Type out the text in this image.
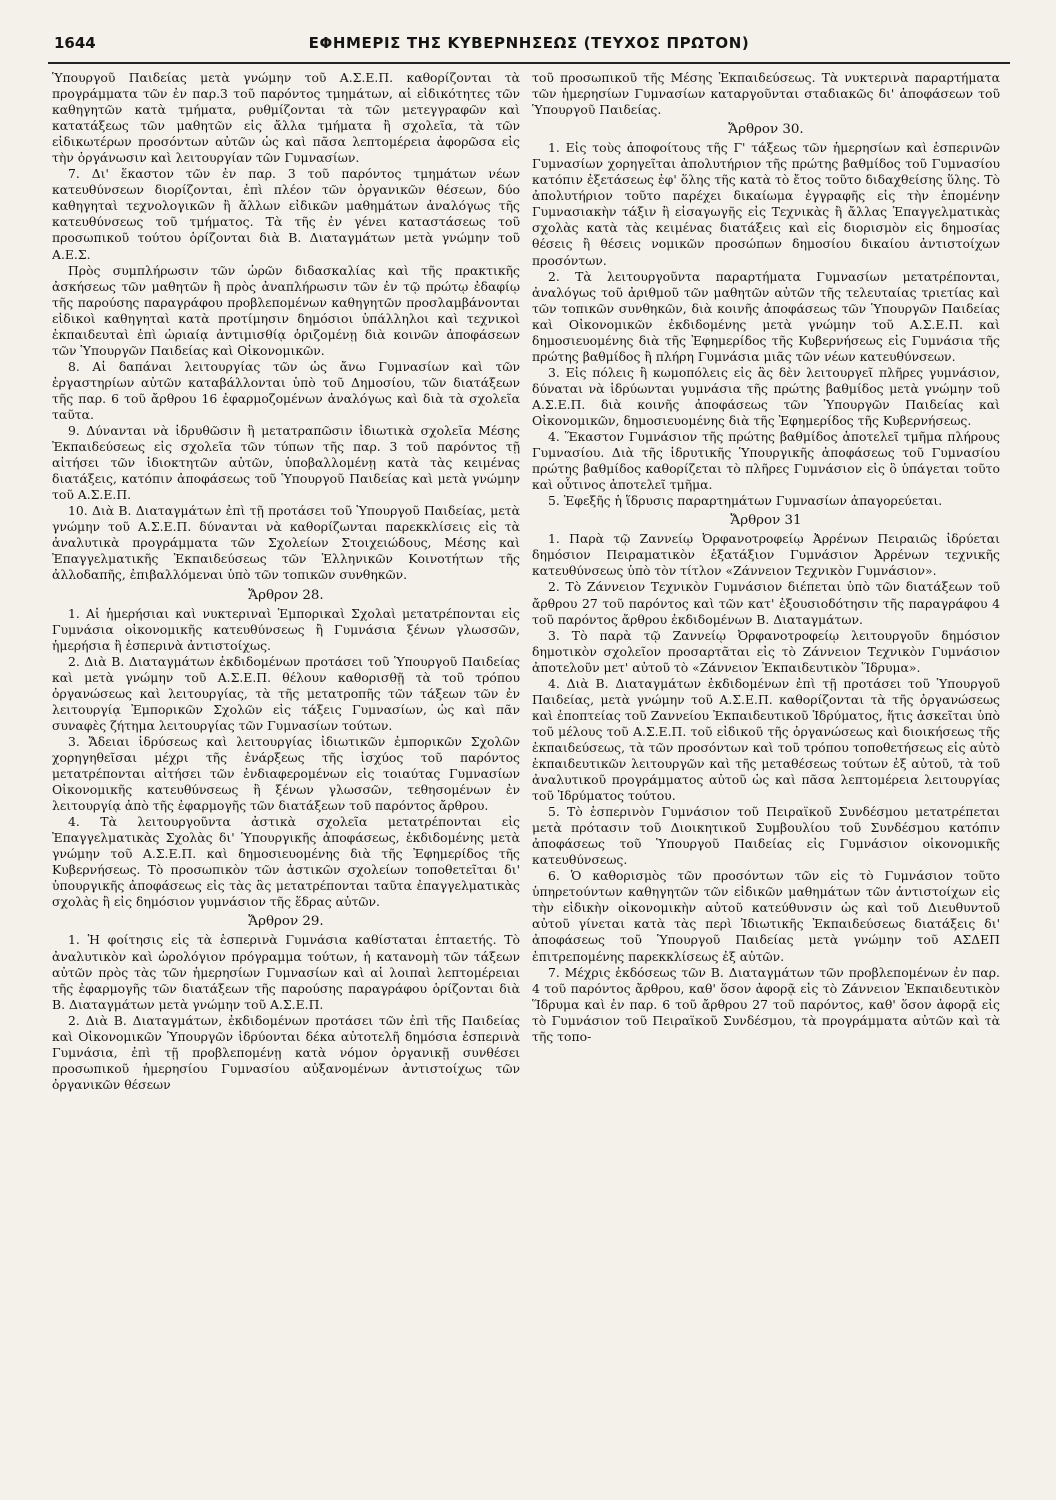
1644	ΕΦΗΜΕΡΙΣ ΤΗΣ ΚΥΒΕΡΝΗΣΕΩΣ (ΤΕΥΧΟΣ ΠΡΩΤΟΝ)

Ὑπουργοῦ Παιδείας μετὰ γνώμην τοῦ Α.Σ.Ε.Π. καθορίζονται τὰ προγράμματα τῶν ἐν παρ.3 τοῦ παρόντος τμημάτων, αἱ εἰδικότητες τῶν καθηγητῶν κατὰ τμήματα, ρυθμίζονται τὰ τῶν μετεγγραφῶν καὶ κατατάξεως τῶν μαθητῶν εἰς ἄλλα τμήματα ἢ σχολεῖα, τὰ τῶν εἰδικωτέρων προσόντων αὐτῶν ὡς καὶ πᾶσα λεπτομέρεια ἀφορῶσα εἰς τὴν ὀργάνωσιν καὶ λειτουργίαν τῶν Γυμνασίων.

7. Δι' ἕκαστον τῶν ἐν παρ. 3 τοῦ παρόντος τμημάτων νέων κατευθύνσεων διορίζονται, ἐπὶ πλέον τῶν ὀργανικῶν θέσεων, δύο καθηγηταὶ τεχνολογικῶν ἢ ἄλλων εἰδικῶν μαθημάτων ἀναλόγως τῆς κατευθύνσεως τοῦ τμήματος. Τὰ τῆς ἐν γένει καταστάσεως τοῦ προσωπικοῦ τούτου ὁρίζονται διὰ Β. Διαταγμάτων μετὰ γνώμην τοῦ Α.Ε.Σ.

Πρὸς συμπλήρωσιν τῶν ὡρῶν διδασκαλίας καὶ τῆς πρακτικῆς ἀσκήσεως τῶν μαθητῶν ἢ πρὸς ἀναπλήρωσιν τῶν ἐν τῷ πρώτῳ ἐδαφίῳ τῆς παρούσης παραγράφου προβλεπομένων καθηγητῶν προσλαμβάνονται εἰδικοὶ καθηγηταὶ κατὰ προτίμησιν δημόσιοι ὑπάλληλοι καὶ τεχνικοὶ ἐκπαιδευταὶ ἐπὶ ὡριαίᾳ ἀντιμισθίᾳ ὁριζομένῃ διὰ κοινῶν ἀποφάσεων τῶν Ὑπουργῶν Παιδείας καὶ Οἰκονομικῶν.

8. Αἱ δαπάναι λειτουργίας τῶν ὡς ἄνω Γυμνασίων καὶ τῶν ἐργαστηρίων αὐτῶν καταβάλλονται ὑπὸ τοῦ Δημοσίου, τῶν διατάξεων τῆς παρ. 6 τοῦ ἄρθρου 16 ἐφαρμοζομένων ἀναλόγως καὶ διὰ τὰ σχολεῖα ταῦτα.

9. Δύνανται νὰ ἱδρυθῶσιν ἢ μετατραπῶσιν ἰδιωτικὰ σχολεῖα Μέσης Ἐκπαιδεύσεως εἰς σχολεῖα τῶν τύπων τῆς παρ. 3 τοῦ παρόντος τῇ αἰτήσει τῶν ἰδιοκτητῶν αὐτῶν, ὑποβαλλομένῃ κατὰ τὰς κειμένας διατάξεις, κατόπιν ἀποφάσεως τοῦ Ὑπουργοῦ Παιδείας καὶ μετὰ γνώμην τοῦ Α.Σ.Ε.Π.

10. Διὰ Β. Διαταγμάτων ἐπὶ τῇ προτάσει τοῦ Ὑπουργοῦ Παιδείας, μετὰ γνώμην τοῦ Α.Σ.Ε.Π. δύνανται νὰ καθορίζωνται παρεκκλίσεις εἰς τὰ ἀναλυτικὰ προγράμματα τῶν Σχολείων Στοιχειώδους, Μέσης καὶ Ἐπαγγελματικῆς Ἐκπαιδεύσεως τῶν Ἑλληνικῶν Κοινοτήτων τῆς ἀλλοδαπῆς, ἐπιβαλλόμεναι ὑπὸ τῶν τοπικῶν συνθηκῶν.

Ἄρθρον 28.

1. Αἱ ἡμερήσιαι καὶ νυκτεριναὶ Ἐμπορικαὶ Σχολαὶ μετατρέπονται εἰς Γυμνάσια οἰκονομικῆς κατευθύνσεως ἢ Γυμνάσια ξένων γλωσσῶν, ἡμερήσια ἢ ἑσπερινὰ ἀντιστοίχως.

2. Διὰ Β. Διαταγμάτων ἐκδιδομένων προτάσει τοῦ Ὑπουργοῦ Παιδείας καὶ μετὰ γνώμην τοῦ Α.Σ.Ε.Π. θέλουν καθορισθῇ τὰ τοῦ τρόπου ὀργανώσεως καὶ λειτουργίας, τὰ τῆς μετατροπῆς τῶν τάξεων τῶν ἐν λειτουργίᾳ Ἐμπορικῶν Σχολῶν εἰς τάξεις Γυμνασίων, ὡς καὶ πᾶν συναφὲς ζήτημα λειτουργίας τῶν Γυμνασίων τούτων.

3. Ἄδειαι ἱδρύσεως καὶ λειτουργίας ἰδιωτικῶν ἐμπορικῶν Σχολῶν χορηγηθεῖσαι μέχρι τῆς ἐνάρξεως τῆς ἰσχύος τοῦ παρόντος μετατρέπονται αἰτήσει τῶν ἐνδιαφερομένων εἰς τοιαύτας Γυμνασίων Οἰκονομικῆς κατευθύνσεως ἢ ξένων γλωσσῶν, τεθησομένων ἐν λειτουργίᾳ ἀπὸ τῆς ἐφαρμογῆς τῶν διατάξεων τοῦ παρόντος ἄρθρου.

4. Τὰ λειτουργοῦντα ἀστικὰ σχολεῖα μετατρέπονται εἰς Ἐπαγγελματικὰς Σχολὰς δι' Ὑπουργικῆς ἀποφάσεως, ἐκδιδομένης μετὰ γνώμην τοῦ Α.Σ.Ε.Π. καὶ δημοσιευομένης διὰ τῆς Ἐφημερίδος τῆς Κυβερνήσεως. Τὸ προσωπικὸν τῶν ἀστικῶν σχολείων τοποθετεῖται δι' ὑπουργικῆς ἀποφάσεως εἰς τὰς ἃς μετατρέπονται ταῦτα ἐπαγγελματικὰς σχολὰς ἢ εἰς δημόσιον γυμνάσιον τῆς ἕδρας αὐτῶν.

Ἄρθρον 29.

1. Ἡ φοίτησις εἰς τὰ ἑσπερινὰ Γυμνάσια καθίσταται ἑπταετής. Τὸ ἀναλυτικὸν καὶ ὡρολόγιον πρόγραμμα τούτων, ἡ κατανομὴ τῶν τάξεων αὐτῶν πρὸς τὰς τῶν ἡμερησίων Γυμνασίων καὶ αἱ λοιπαὶ λεπτομέρειαι τῆς ἐφαρμογῆς τῶν διατάξεων τῆς παρούσης παραγράφου ὁρίζονται διὰ Β. Διαταγμάτων μετὰ γνώμην τοῦ Α.Σ.Ε.Π.

2. Διὰ Β. Διαταγμάτων, ἐκδιδομένων προτάσει τῶν ἐπὶ τῆς Παιδείας καὶ Οἰκονομικῶν Ὑπουργῶν ἱδρύονται δέκα αὐτοτελῆ δημόσια ἑσπερινὰ Γυμνάσια, ἐπὶ τῇ προβλεπομένῃ κατὰ νόμον ὀργανικῇ συνθέσει προσωπικοῦ ἡμερησίου Γυμνασίου αὐξανομένων ἀντιστοίχως τῶν ὀργανικῶν θέσεων

τοῦ προσωπικοῦ τῆς Μέσης Ἐκπαιδεύσεως. Τὰ νυκτερινὰ παραρτήματα τῶν ἡμερησίων Γυμνασίων καταργοῦνται σταδιακῶς δι' ἀποφάσεων τοῦ Ὑπουργοῦ Παιδείας.

Ἄρθρον 30.

1. Εἰς τοὺς ἀποφοίτους τῆς Γ' τάξεως τῶν ἡμερησίων καὶ ἑσπερινῶν Γυμνασίων χορηγεῖται ἀπολυτήριον τῆς πρώτης βαθμίδος τοῦ Γυμνασίου κατόπιν ἐξετάσεως ἐφ' ὅλης τῆς κατὰ τὸ ἔτος τοῦτο διδαχθείσης ὕλης. Τὸ ἀπολυτήριον τοῦτο παρέχει δικαίωμα ἐγγραφῆς εἰς τὴν ἑπομένην Γυμνασιακὴν τάξιν ἢ εἰσαγωγῆς εἰς Τεχνικὰς ἢ ἄλλας Ἐπαγγελματικὰς σχολὰς κατὰ τὰς κειμένας διατάξεις καὶ εἰς διορισμὸν εἰς δημοσίας θέσεις ἢ θέσεις νομικῶν προσώπων δημοσίου δικαίου ἀντιστοίχων προσόντων.

2. Τὰ λειτουργοῦντα παραρτήματα Γυμνασίων μετατρέπονται, ἀναλόγως τοῦ ἀριθμοῦ τῶν μαθητῶν αὐτῶν τῆς τελευταίας τριετίας καὶ τῶν τοπικῶν συνθηκῶν, διὰ κοινῆς ἀποφάσεως τῶν Ὑπουργῶν Παιδείας καὶ Οἰκονομικῶν ἐκδιδομένης μετὰ γνώμην τοῦ Α.Σ.Ε.Π. καὶ δημοσιευομένης διὰ τῆς Ἐφημερίδος τῆς Κυβερνήσεως εἰς Γυμνάσια τῆς πρώτης βαθμίδος ἢ πλήρη Γυμνάσια μιᾶς τῶν νέων κατευθύνσεων.

3. Εἰς πόλεις ἢ κωμοπόλεις εἰς ἃς δὲν λειτουργεῖ πλῆρες γυμνάσιον, δύναται νὰ ἱδρύωνται γυμνάσια τῆς πρώτης βαθμίδος μετὰ γνώμην τοῦ Α.Σ.Ε.Π. διὰ κοινῆς ἀποφάσεως τῶν Ὑπουργῶν Παιδείας καὶ Οἰκονομικῶν, δημοσιευομένης διὰ τῆς Ἐφημερίδος τῆς Κυβερνήσεως.

4. Ἕκαστον Γυμνάσιον τῆς πρώτης βαθμίδος ἀποτελεῖ τμῆμα πλήρους Γυμνασίου. Διὰ τῆς ἱδρυτικῆς Ὑπουργικῆς ἀποφάσεως τοῦ Γυμνασίου πρώτης βαθμίδος καθορίζεται τὸ πλῆρες Γυμνάσιον εἰς ὃ ὑπάγεται τοῦτο καὶ οὗτινος ἀποτελεῖ τμῆμα.

5. Ἐφεξῆς ἡ ἵδρυσις παραρτημάτων Γυμνασίων ἀπαγορεύεται.

Ἄρθρον 31

1. Παρὰ τῷ Ζαννείῳ Ὀρφανοτροφείῳ Ἀρρένων Πειραιῶς ἱδρύεται δημόσιον Πειραματικὸν ἑξατάξιον Γυμνάσιον Ἀρρένων τεχνικῆς κατευθύνσεως ὑπὸ τὸν τίτλον «Ζάννειον Τεχνικὸν Γυμνάσιον».

2. Τὸ Ζάννειον Τεχνικὸν Γυμνάσιον διέπεται ὑπὸ τῶν διατάξεων τοῦ ἄρθρου 27 τοῦ παρόντος καὶ τῶν κατ' ἐξουσιοδότησιν τῆς παραγράφου 4 τοῦ παρόντος ἄρθρου ἐκδιδομένων Β. Διαταγμάτων.

3. Τὸ παρὰ τῷ Ζαννείῳ Ὀρφανοτροφείῳ λειτουργοῦν δημόσιον δημοτικὸν σχολεῖον προσαρτᾶται εἰς τὸ Ζάννειον Τεχνικὸν Γυμνάσιον ἀποτελοῦν μετ' αὐτοῦ τὸ «Ζάννειον Ἐκπαιδευτικὸν Ἵδρυμα».

4. Διὰ Β. Διαταγμάτων ἐκδιδομένων ἐπὶ τῇ προτάσει τοῦ Ὑπουργοῦ Παιδείας, μετὰ γνώμην τοῦ Α.Σ.Ε.Π. καθορίζονται τὰ τῆς ὀργανώσεως καὶ ἐποπτείας τοῦ Ζαννείου Ἐκπαιδευτικοῦ Ἱδρύματος, ἥτις ἀσκεῖται ὑπὸ τοῦ μέλους τοῦ Α.Σ.Ε.Π. τοῦ εἰδικοῦ τῆς ὀργανώσεως καὶ διοικήσεως τῆς ἐκπαιδεύσεως, τὰ τῶν προσόντων καὶ τοῦ τρόπου τοποθετήσεως εἰς αὐτὸ ἐκπαιδευτικῶν λειτουργῶν καὶ τῆς μεταθέσεως τούτων ἐξ αὐτοῦ, τὰ τοῦ ἀναλυτικοῦ προγράμματος αὐτοῦ ὡς καὶ πᾶσα λεπτομέρεια λειτουργίας τοῦ Ἱδρύματος τούτου.

5. Τὸ ἑσπερινὸν Γυμνάσιον τοῦ Πειραϊκοῦ Συνδέσμου μετατρέπεται μετὰ πρότασιν τοῦ Διοικητικοῦ Συμβουλίου τοῦ Συνδέσμου κατόπιν ἀποφάσεως τοῦ Ὑπουργοῦ Παιδείας εἰς Γυμνάσιον οἰκονομικῆς κατευθύνσεως.

6. Ὁ καθορισμὸς τῶν προσόντων τῶν εἰς τὸ Γυμνάσιον τοῦτο ὑπηρετούντων καθηγητῶν τῶν εἰδικῶν μαθημάτων τῶν ἀντιστοίχων εἰς τὴν εἰδικὴν οἰκονομικὴν αὐτοῦ κατεύθυνσιν ὡς καὶ τοῦ Διευθυντοῦ αὐτοῦ γίνεται κατὰ τὰς περὶ Ἰδιωτικῆς Ἐκπαιδεύσεως διατάξεις δι' ἀποφάσεως τοῦ Ὑπουργοῦ Παιδείας μετὰ γνώμην τοῦ ΑΣΔΕΠ ἐπιτρεπομένης παρεκκλίσεως ἐξ αὐτῶν.

7. Μέχρις ἐκδόσεως τῶν Β. Διαταγμάτων τῶν προβλεπομένων ἐν παρ. 4 τοῦ παρόντος ἄρθρου, καθ' ὅσον ἀφορᾷ εἰς τὸ Ζάννειον Ἐκπαιδευτικὸν Ἵδρυμα καὶ ἐν παρ. 6 τοῦ ἄρθρου 27 τοῦ παρόντος, καθ' ὅσον ἀφορᾷ εἰς τὸ Γυμνάσιον τοῦ Πειραϊκοῦ Συνδέσμου, τὰ προγράμματα αὐτῶν καὶ τὰ τῆς τοπο-
